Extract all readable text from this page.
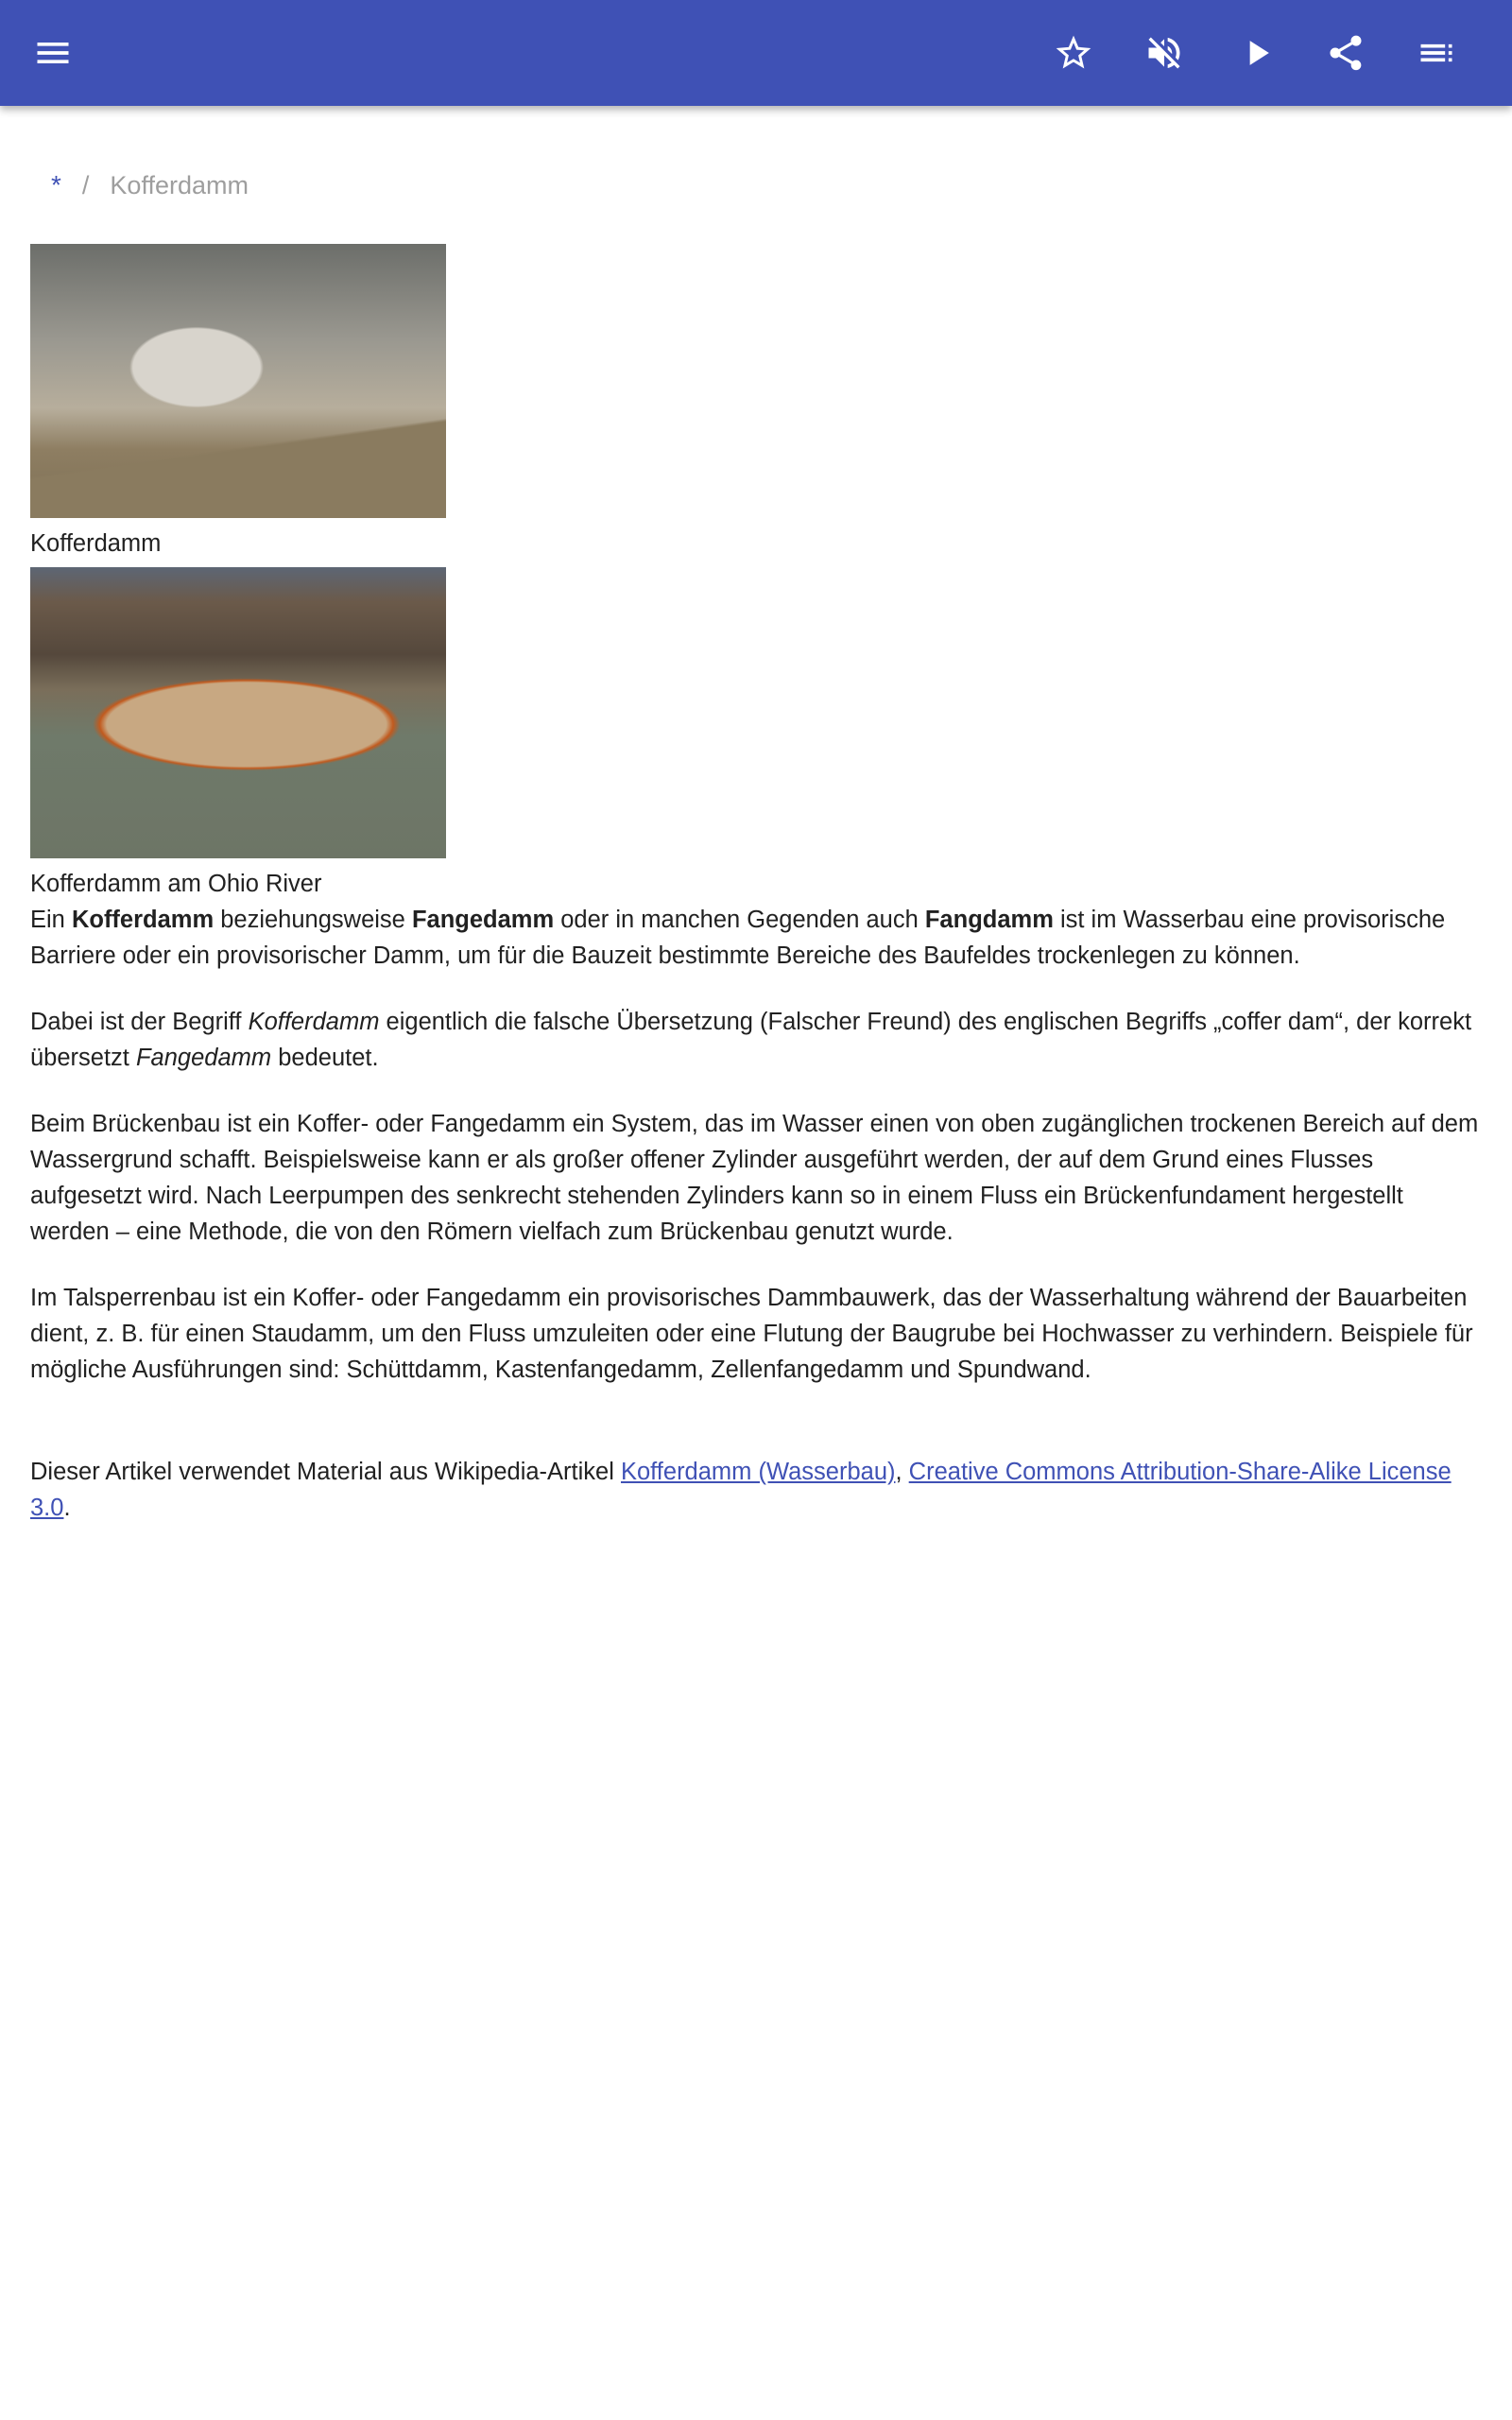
* / Kofferdamm
Kofferdamm
Kofferdamm am Ohio River

Ein Kofferdamm beziehungsweise Fangedamm oder in manchen Gegenden auch Fangdamm ist im Wasserbau eine provisorische Barriere oder ein provisorischer Damm, um für die Bauzeit bestimmte Bereiche des Baufeldes trockenlegen zu können.

Dabei ist der Begriff Kofferdamm eigentlich die falsche Übersetzung (Falscher Freund) des englischen Begriffs „coffer dam“, der korrekt übersetzt Fangedamm bedeutet.

Beim Brückenbau ist ein Koffer- oder Fangedamm ein System, das im Wasser einen von oben zugänglichen trockenen Bereich auf dem Wassergrund schafft. Beispielsweise kann er als großer offener Zylinder ausgeführt werden, der auf dem Grund eines Flusses aufgesetzt wird. Nach Leerpumpen des senkrecht stehenden Zylinders kann so in einem Fluss ein Brückenfundament hergestellt werden – eine Methode, die von den Römern vielfach zum Brückenbau genutzt wurde.

Im Talsperrenbau ist ein Koffer- oder Fangedamm ein provisorisches Dammbauwerk, das der Wasserhaltung während der Bauarbeiten dient, z. B. für einen Staudamm, um den Fluss umzuleiten oder eine Flutung der Baugrube bei Hochwasser zu verhindern. Beispiele für mögliche Ausführungen sind: Schüttdamm, Kastenfangedamm, Zellenfangedamm und Spundwand.

Dieser Artikel verwendet Material aus Wikipedia-Artikel Kofferdamm (Wasserbau), Creative Commons Attribution-Share-Alike License 3.0.
